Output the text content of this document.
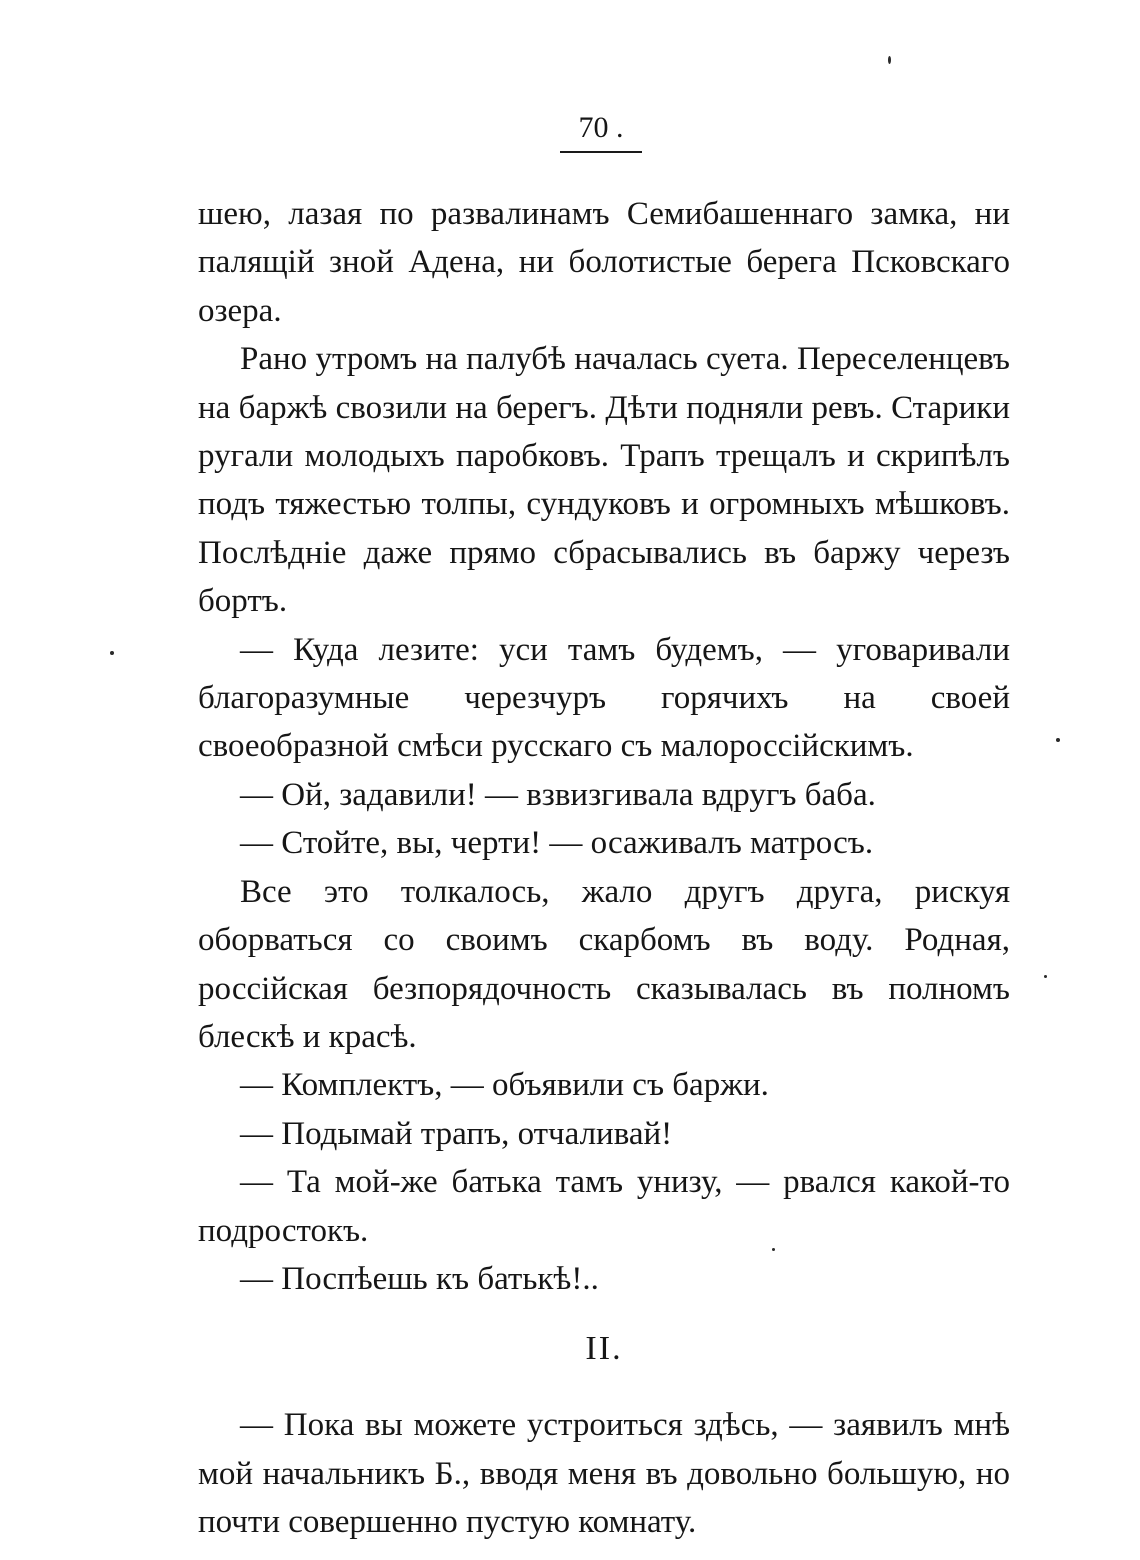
70 .

шею, лазая по развалинамъ Семибашеннаго замка, ни палящій зной Адена, ни болотистые берега Псковскаго озера.

Рано утромъ на палубѣ началась суета. Переселенцевъ на баржѣ свозили на берегъ. Дѣти подняли ревъ. Старики ругали молодыхъ паробковъ. Трапъ трещалъ и скрипѣлъ подъ тяжестью толпы, сундуковъ и огромныхъ мѣшковъ. Послѣдніе даже прямо сбрасывались въ баржу черезъ бортъ.

— Куда лезите: уси тамъ будемъ, — уговаривали благоразумные черезчуръ горячихъ на своей своеобразной смѣси русскаго съ малороссійскимъ.

— Ой, задавили! — взвизгивала вдругъ баба.

— Стойте, вы, черти! — осаживалъ матросъ.

Все это толкалось, жало другъ друга, рискуя оборваться со своимъ скарбомъ въ воду. Родная, россійская безпорядочность сказывалась въ полномъ блескѣ и красѣ.

— Комплектъ, — объявили съ баржи.

— Подымай трапъ, отчаливай!

— Та мой-же батька тамъ унизу, — рвался какой-то подростокъ.

— Поспѣешь къ батькѣ!..

II.

— Пока вы можете устроиться здѣсь, — заявилъ мнѣ мой начальникъ Б., вводя меня въ довольно большую, но почти совершенно пустую комнату.
